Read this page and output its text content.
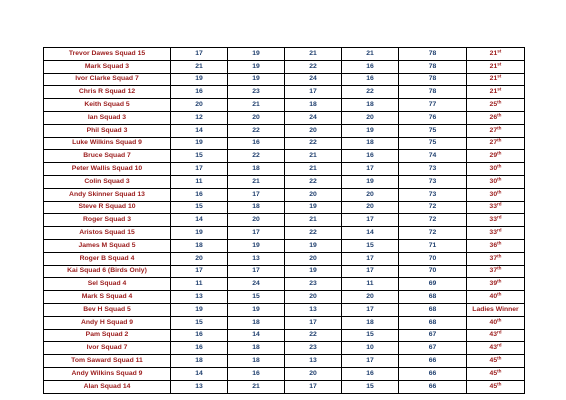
Trevor Dawes Squad 15	17	19	21	21	78	21st
Mark Squad 3	21	19	22	16	78	21st
Ivor Clarke Squad 7	19	19	24	16	78	21st
Chris R Squad 12	16	23	17	22	78	21st
Keith Squad 5	20	21	18	18	77	25th
Ian Squad 3	12	20	24	20	76	26th
Phil Squad 3	14	22	20	19	75	27th
Luke Wilkins Squad 9	19	16	22	18	75	27th
Bruce Squad 7	15	22	21	16	74	29th
Peter Wallis Squad 10	17	18	21	17	73	30th
Colin Squad 3	11	21	22	19	73	30th
Andy Skinner Squad 13	16	17	20	20	73	30th
Steve R Squad 10	15	18	19	20	72	33rd
Roger Squad 3	14	20	21	17	72	33rd
Aristos Squad 15	19	17	22	14	72	33rd
James M Squad 5	18	19	19	15	71	36th
Roger B Squad 4	20	13	20	17	70	37th
Kai Squad 6 (Birds Only)	17	17	19	17	70	37th
Sel Squad 4	11	24	23	11	69	39th
Mark S Squad 4	13	15	20	20	68	40th
Bev H Squad 5	19	19	13	17	68	Ladies Winner
Andy H Squad 9	15	18	17	18	68	40th
Pam Squad 2	16	14	22	15	67	43rd
Ivor Squad 7	16	18	23	10	67	43rd
Tom Saward Squad 11	18	18	13	17	66	45th
Andy Wilkins Squad 9	14	16	20	16	66	45th
Alan Squad 14	13	21	17	15	66	45th
